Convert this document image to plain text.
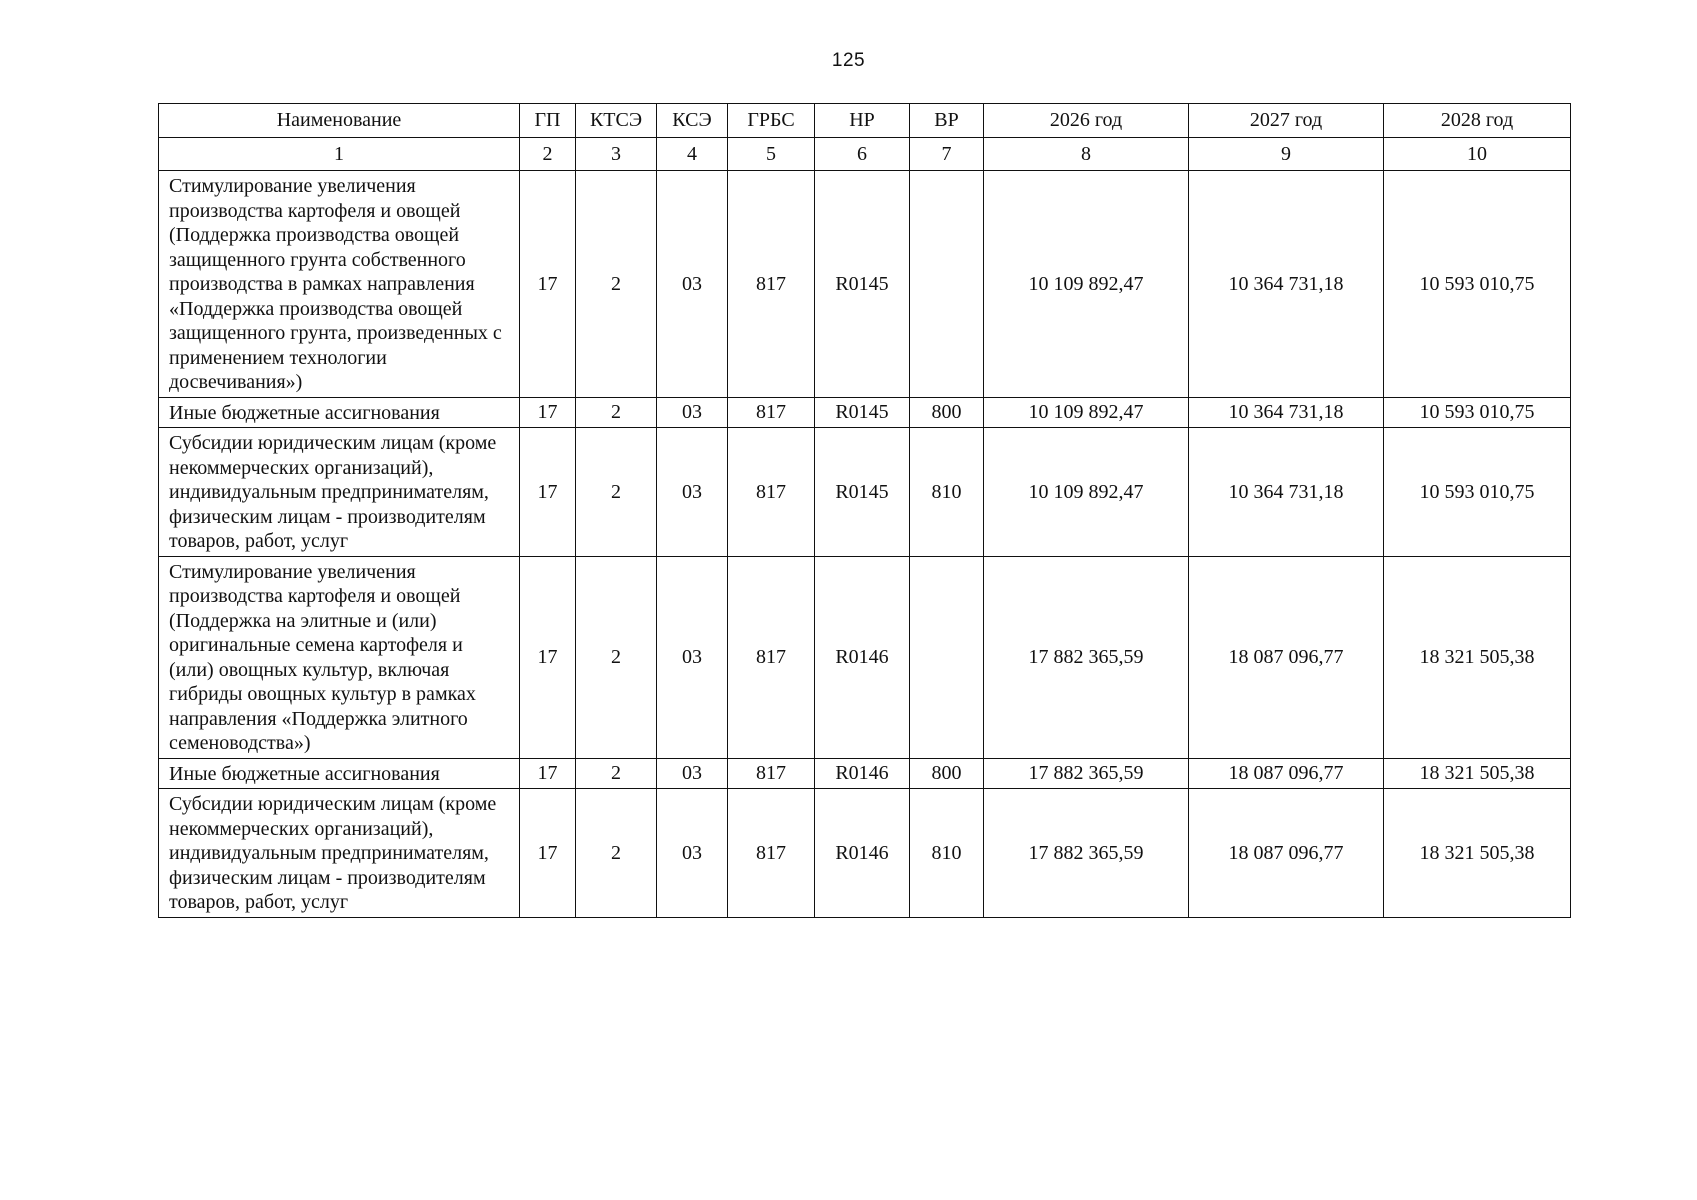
125
Наименование	ГП	КТСЭ	КСЭ	ГРБС	НР	ВР	2026 год	2027 год	2028 год
1	2	3	4	5	6	7	8	9	10
Стимулирование увеличения производства картофеля и овощей (Поддержка производства овощей защищенного грунта собственного производства в рамках направления «Поддержка производства овощей защищенного грунта, произведенных с применением технологии досвечивания»)	17	2	03	817	R0145		10 109 892,47	10 364 731,18	10 593 010,75
Иные бюджетные ассигнования	17	2	03	817	R0145	800	10 109 892,47	10 364 731,18	10 593 010,75
Субсидии юридическим лицам (кроме некоммерческих организаций), индивидуальным предпринимателям, физическим лицам - производителям товаров, работ, услуг	17	2	03	817	R0145	810	10 109 892,47	10 364 731,18	10 593 010,75
Стимулирование увеличения производства картофеля и овощей (Поддержка на элитные и (или) оригинальные семена картофеля и (или) овощных культур, включая гибриды овощных культур в рамках направления «Поддержка элитного семеноводства»)	17	2	03	817	R0146		17 882 365,59	18 087 096,77	18 321 505,38
Иные бюджетные ассигнования	17	2	03	817	R0146	800	17 882 365,59	18 087 096,77	18 321 505,38
Субсидии юридическим лицам (кроме некоммерческих организаций), индивидуальным предпринимателям, физическим лицам - производителям товаров, работ, услуг	17	2	03	817	R0146	810	17 882 365,59	18 087 096,77	18 321 505,38
